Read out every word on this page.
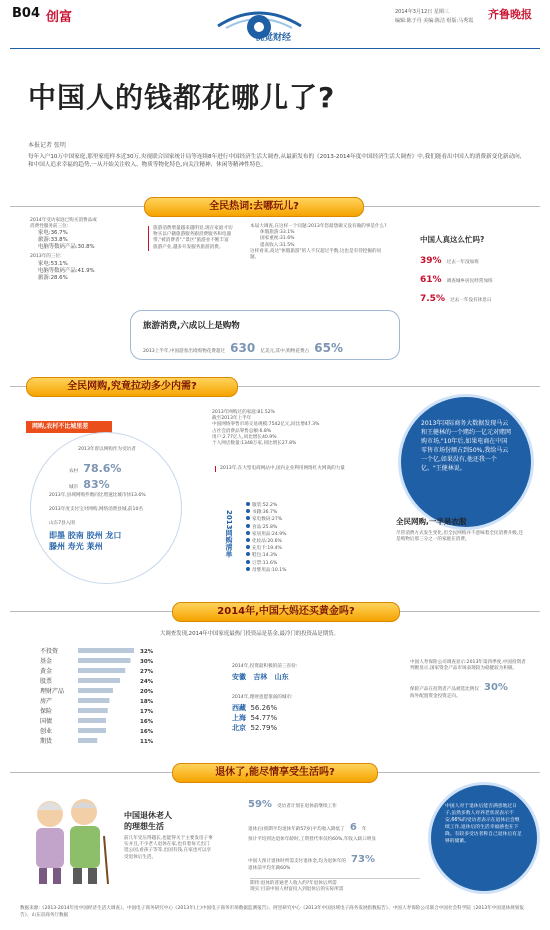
B04 创富
视觉财经
2014年3月12日 星期三
编辑:陈于丹 美编:陈洁 组版:马秀霞 齐鲁晚报
中国人的钱都花哪儿了?
本报记者 张明
每年入户10万中国家庭,那里家庭样本近30万,央视联合国家统计局等连续8年进行中国经济生活大调查,从最新发布的《2013-2014年度中国经济生活大调查》中,我们能看出中国人的消费新变化新动向,和中国人追求幸福的趋势,一从开始关注收入、物质等物化特色,向关注精神、休闲等精神性特色。
全民热词:去哪玩儿?
2014年受访家庭已购买消费品或
消费性服务前三位:
家电:36.7%
旅游:33.8%
电脑等数码产品:30.8%
2013年的三位:
家电:53.1%
电脑等数码产品:41.9%
旅游:28.6%
旅游消费增量越来越明显,现在家庭才切物买以户籍旅游服务跟消费服务和电器带,"被消费者","景区"旅游业不断丰富旅游产业,越多开发服务旅游消费。
本届大调查,在这样一个问题:2013年您最想做又没有做的事是什么?
休假旅游:33.1%
国家重视:31.6%
提高收入:31.5%
这样看来,高达"休假旅游"的人不仅超过半数,这也是有待挖掘的问题。
中国人真这么忙吗?
39% 过去一年没加班
61% 调查城乡居民经常加班
7.5% 过去一年没有休息日
旅游消费,六成以上是购物
2013上半年,中国游客出境购物花费超过 630 亿美元,其中,购物花费占 65%
全民网购,究竟拉动多少内需?
2013年网购过的家庭:81.52%
截至2013年上半年
中国网络零售市场交易规模:7542亿元,同比增47.3%
占社会消费品零售总额:6.8%
用户:2.77亿人,同比增长40.9%
个人网店数量:1348万家,同比增长27.8%
2013年,在大型电商网站中,国内企业利用网络红火网商的力量
2013年国际商务大数据发现马云和王健林的一个赌约一亿元对赌网购市场,"10年后,如果电商在中国零售市场份额占到50%,我给马云一个亿,如果没有,他还我一个亿。"王健林说。
网购,农村不比城里差
2013年曾以网购作为受访者
农村 78.6%
城市 83%
2013年,县域网购件数同比增速比城市快13.6%
2013年度支付宝对网购,网络消费县城,前10名
山东7县入围
即墨 胶南 胶州 龙口
滕州 寿光 莱州	2013网购清单
服装:52.2%
书籍:36.7%
家电数码:27%
食品:25.8%
家居用品:24.9%
化妆品:20.6%
充电卡:19.4%
鞋包:14.3%
订票:11.6%
母婴用品:10.1%
全民网购,一半是衣服
尽管消费方式发生变化,但全民网购并不意味着全民消费升级,还是购物后那三分之一的家庭在消费。
2014年,中国大妈还买黄金吗?
大调查发现,2014年中国家庭最热门投资品是基金,最冷门的投资品是期货。
不投资	32%
基金	30%
黄金	27%
股票	24%
理财产品	20%
房产	18%
保险	17%
国债	16%
创业	16%
期货	11%
2014年,投资最积极的前三省份:
安徽 吉林 山东
2014年,理财意愿很弱的城市:
西藏 56.26%
上海 54.77%
北京 52.79%
中国人寿保险公司调查显示:2013年第四季度,中国投资者判断显示,国家资金产品市场表现较为稳健较为积极。
保险产品在投资者产品被选比例仅 30%
海外配置资金投资走向。
退休了,能尽情享受生活吗?
中国退休老人
的理想生活
前几年受压得越长,也能得关于主要发房子事实并且,不少老人退休在家,也有着每天出门逛公园,看孩子等等,出国有钱,在家也可以享受退休后生活。
59% 受访者计划在退休前继续工作
退休后(预期平均退休年龄57岁)平均收入降低了 6 年
预计平均到达退休年龄时,工资替代率仅约60%,年收入缺口明显
中国人预计退休时所需支付退休金,均为退休年的 73%
退休前平均年薪60%
期待:退休的普通老人收入约?年退休后所需
现实:目前中国人财富投入到退休后的实际所需
中国人对于退休后能否满意地过日子,虽然多数人对养老状况表示不安,66%的受访者表示在退休后会继续工作,退休后的生活幸福感也在下降。有较多受访者称自己退休后有足够的储蓄。
数据来源:《2013-2014年度中国经济生活大调查》、中国电子商务研究中心《2013年(上)中国电子商务市场数据监测报告》、阿里研究中心《2013年中国县域电子商务发展指数报告》、中国人寿保险公司联合中国社会科学院《2013年中国退休规划报告》、山东省商务厅数据
